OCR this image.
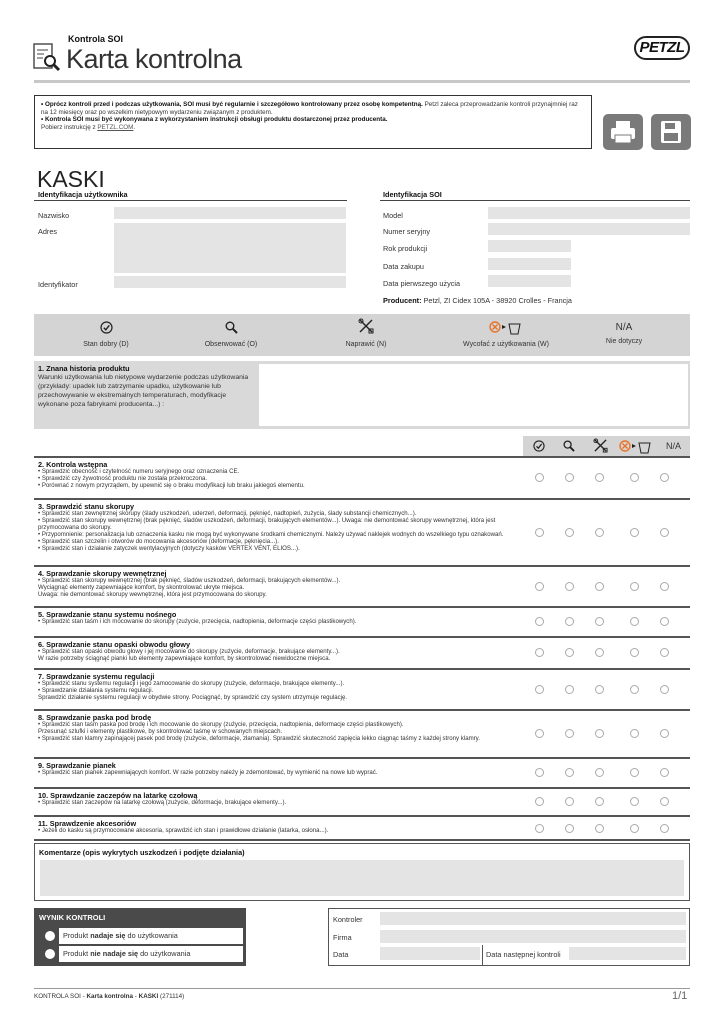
Kontrola SOI
Karta kontrolna	PETZL
• Oprócz kontroli przed i podczas użytkowania, SOI musi być regularnie i szczegółowo kontrolowany przez osobę kompetentną. Petzl zaleca przeprowadzanie kontroli przynajmniej raz na 12 miesięcy oraz po wszelkim nietypowym wydarzeniu związanym z produktem.
• Kontrola SOI musi być wykonywana z wykorzystaniem instrukcji obsługi produktu dostarczonej przez producenta.
Pobierz instrukcję z PETZL.COM.
KASKI
Identyfikacja użytkownika
Nazwisko
Adres
Identyfikator
Identyfikacja SOI
Model
Numer seryjny
Rok produkcji
Data zakupu
Data pierwszego użycia
Producent: Petzl, ZI Cidex 105A - 38920 Crolles - Francja
Stan dobry (D)	Obserwować (O)	Naprawić (N)	Wycofać z użytkowania (W)
N/A
Nie dotyczy
1. Znana historia produktu
Warunki użytkowania lub nietypowe wydarzenie podczas użytkowania (przykłady: upadek lub zatrzymanie upadku, użytkowanie lub przechowywanie w ekstremalnych temperaturach, modyfikacje wykonane poza fabrykami producenta...) :
N/A
2. Kontrola wstępna
• Sprawdzić obecność i czytelność numeru seryjnego oraz oznaczenia CE.
• Sprawdzić czy żywotność produktu nie została przekroczona.
• Porównać z nowym przyrządem, by upewnić się o braku modyfikacji lub braku jakiegoś elementu.
3. Sprawdzić stanu skorupy
• Sprawdzić stan zewnętrznej skorupy (ślady uszkodzeń, uderzeń, deformacji, pęknięć, nadtopień, zużycia, ślady substancji chemicznych...).
• Sprawdzić stan skorupy wewnętrznej (brak pęknięć, śladów uszkodzeń, deformacji, brakujących elementów...). Uwaga: nie demontować skorupy wewnętrznej, która jest przymocowana do skorupy.
• Przypomnienie: personalizacja lub oznaczenia kasku nie mogą być wykonywane środkami chemicznymi. Należy używać naklejek wodnych do wszelkiego typu oznakowań.
• Sprawdzić stan szczelin i otworów do mocowania akcesoriów (deformacje, pęknięcia...).
• Sprawdzić stan i działanie zatyczek wentylacyjnych (dotyczy kasków VERTEX VENT, ELIOS...).
4. Sprawdzanie skorupy wewnętrznej
• Sprawdzić stan skorupy wewnętrznej (brak pęknięć, śladów uszkodzeń, deformacji, brakujących elementów...).
Wyciągnąć elementy zapewniające komfort, by skontrolować ukryte miejsca.
Uwaga: nie demontować skorupy wewnętrznej, która jest przymocowana do skorupy.
5. Sprawdzanie stanu systemu nośnego
• Sprawdzić stan taśm i ich mocowanie do skorupy (zużycie, przecięcia, nadtopienia, deformacje części plastikowych).
6. Sprawdzanie stanu opaski obwodu głowy
• Sprawdzić stan opaski obwodu głowy i jej mocowanie do skorupy (zużycie, deformacje, brakujące elementy...).
W razie potrzeby ściągnąć pianki lub elementy zapewniające komfort, by skontrolować niewidoczne miejsca.
7. Sprawdzanie systemu regulacji
• Sprawdzić stanu systemu regulacji i jego zamocowanie do skorupy (zużycie, deformacje, brakujące elementy...).
• Sprawdzanie działania systemu regulacji.
Sprawdzić działanie systemu regulacji w obydwie strony. Pociągnąć, by sprawdzić czy system utrzymuje regulację.
8. Sprawdzanie paska pod brodę
• Sprawdzić stan taśm paska pod brodę i ich mocowanie do skorupy (zużycie, przecięcia, nadtopienia, deformacje części plastikowych).
Przesunąć szlufki i elementy plastikowe, by skontrolować taśmę w schowanych miejscach.
• Sprawdzić stan klamry zapinającej pasek pod brodę (zużycie, deformacje, złamania). Sprawdzić skuteczność zapięcia lekko ciągnąc taśmy z każdej strony klamry.
9. Sprawdzanie pianek
• Sprawdzić stan pianek zapewniających komfort. W razie potrzeby należy je zdemontować, by wymienić na nowe lub wyprać.
10. Sprawdzanie zaczepów na latarkę czołową
• Sprawdzić stan zaczepów na latarkę czołową (zużycie, deformacje, brakujące elementy...).
11. Sprawdzenie akcesoriów
• Jeżeli do kasku są przymocowane akcesoria, sprawdzić ich stan i prawidłowe działanie (latarka, osłona...).
Komentarze (opis wykrytych uszkodzeń i podjęte działania)
WYNIK KONTROLI
Produkt nadaje się do użytkowania
Produkt nie nadaje się do użytkowania
Kontroler
Firma
Data	Data następnej kontroli
KONTROLA SOI - Karta kontrolna - KASKI (271114)	1/1
